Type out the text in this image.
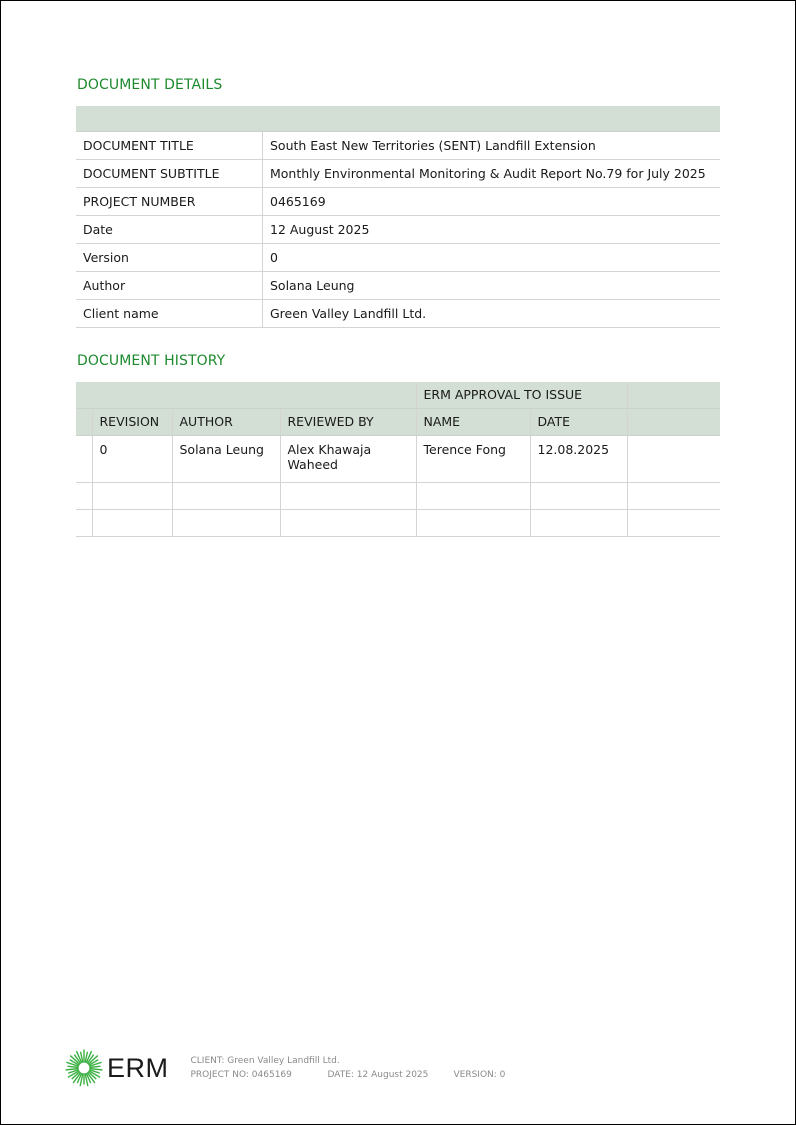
DOCUMENT DETAILS

DOCUMENT TITLE	South East New Territories (SENT) Landfill Extension
DOCUMENT SUBTITLE	Monthly Environmental Monitoring & Audit Report No.79 for July 2025
PROJECT NUMBER	0465169
Date	12 August 2025
Version	0
Author	Solana Leung
Client name	Green Valley Landfill Ltd.
DOCUMENT HISTORY
				ERM APPROVAL TO ISSUE		
	REVISION	AUTHOR	REVIEWED BY	NAME	DATE	
	0	Solana Leung	Alex Khawaja Waheed	Terence Fong	12.08.2025	

ERM CLIENT: Green Valley Landfill Ltd.
PROJECT NO: 0465169	DATE: 12 August 2025	VERSION: 0
